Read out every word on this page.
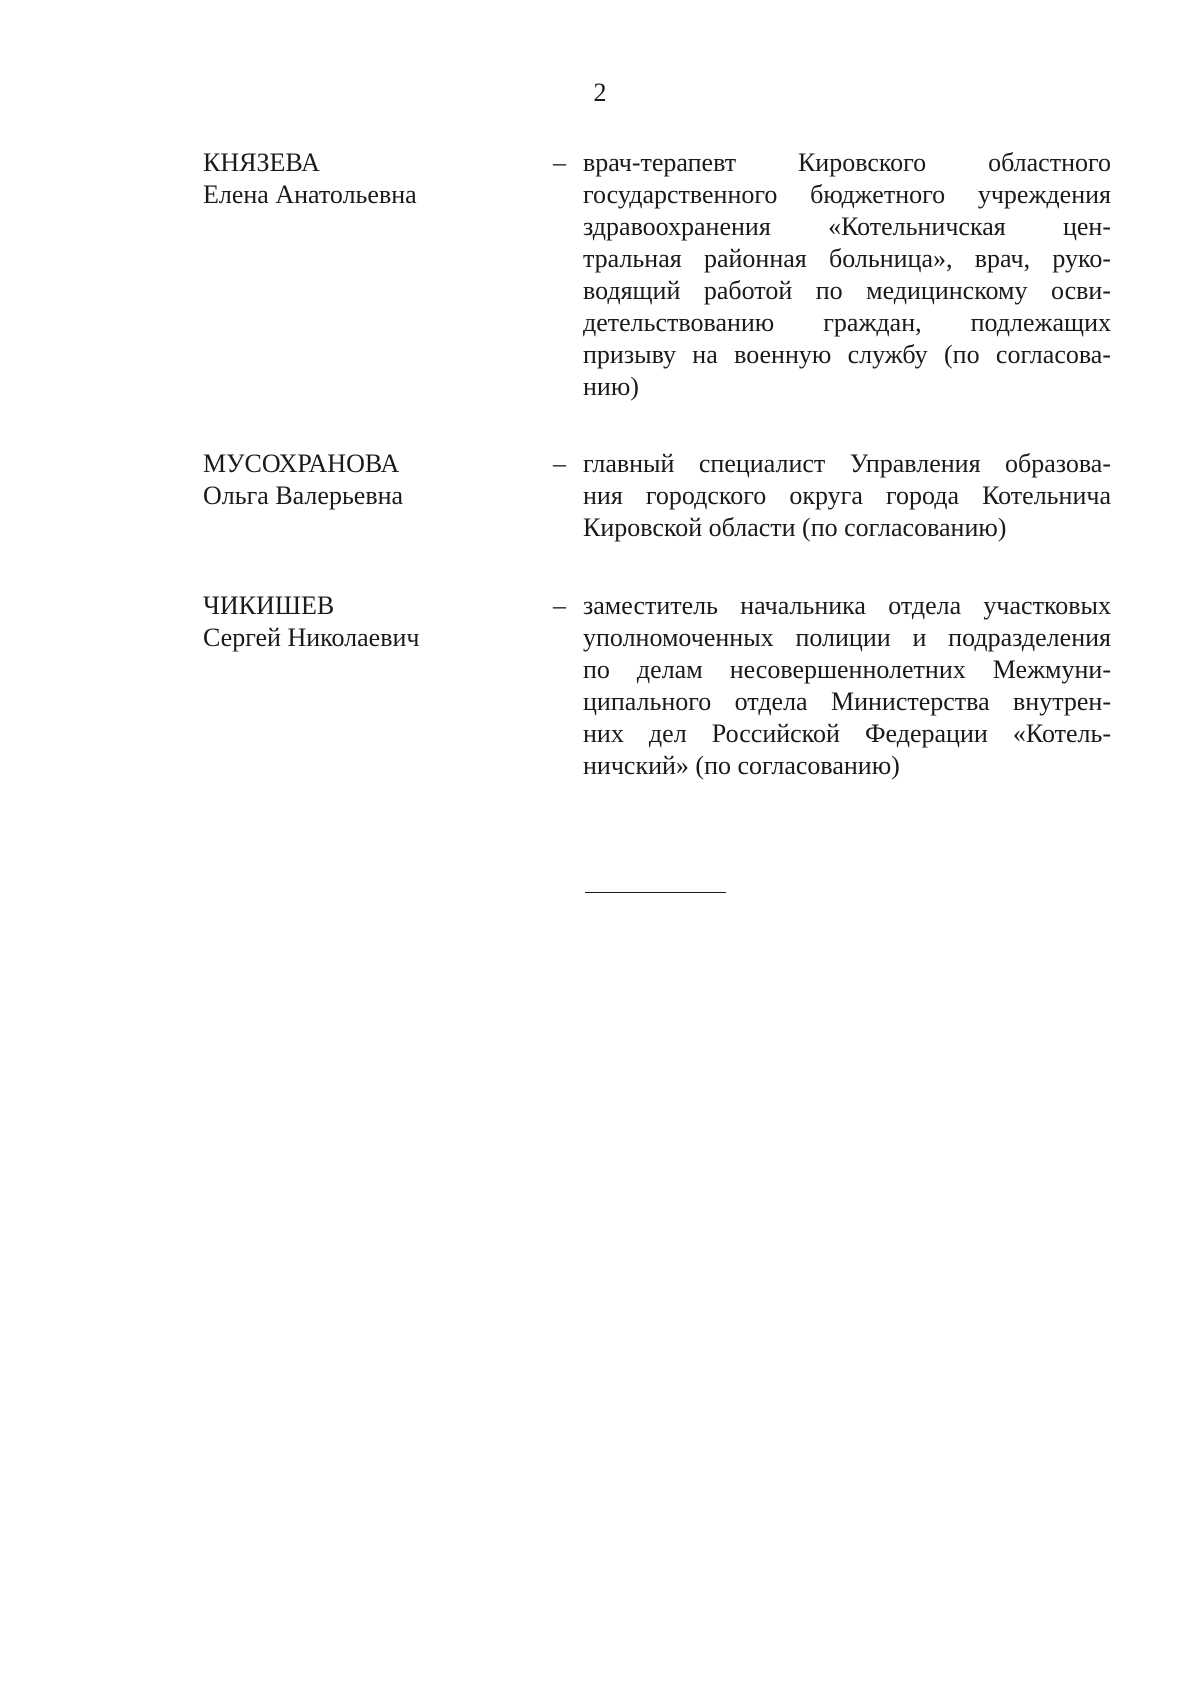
2
КНЯЗЕВА
Елена Анатольевна
– врач-терапевт Кировского областного
государственного бюджетного учреждения
здравоохранения «Котельничская цен-
тральная районная больница», врач, руко-
водящий работой по медицинскому осви-
детельствованию граждан, подлежащих
призыву на военную службу (по согласова-
нию)
МУСОХРАНОВА
Ольга Валерьевна
– главный специалист Управления образова-
ния городского округа города Котельнича
Кировской области (по согласованию)
ЧИКИШЕВ
Сергей Николаевич
– заместитель начальника отдела участковых
уполномоченных полиции и подразделения
по делам несовершеннолетних Межмуни-
ципального отдела Министерства внутрен-
них дел Российской Федерации «Котель-
ничский» (по согласованию)
